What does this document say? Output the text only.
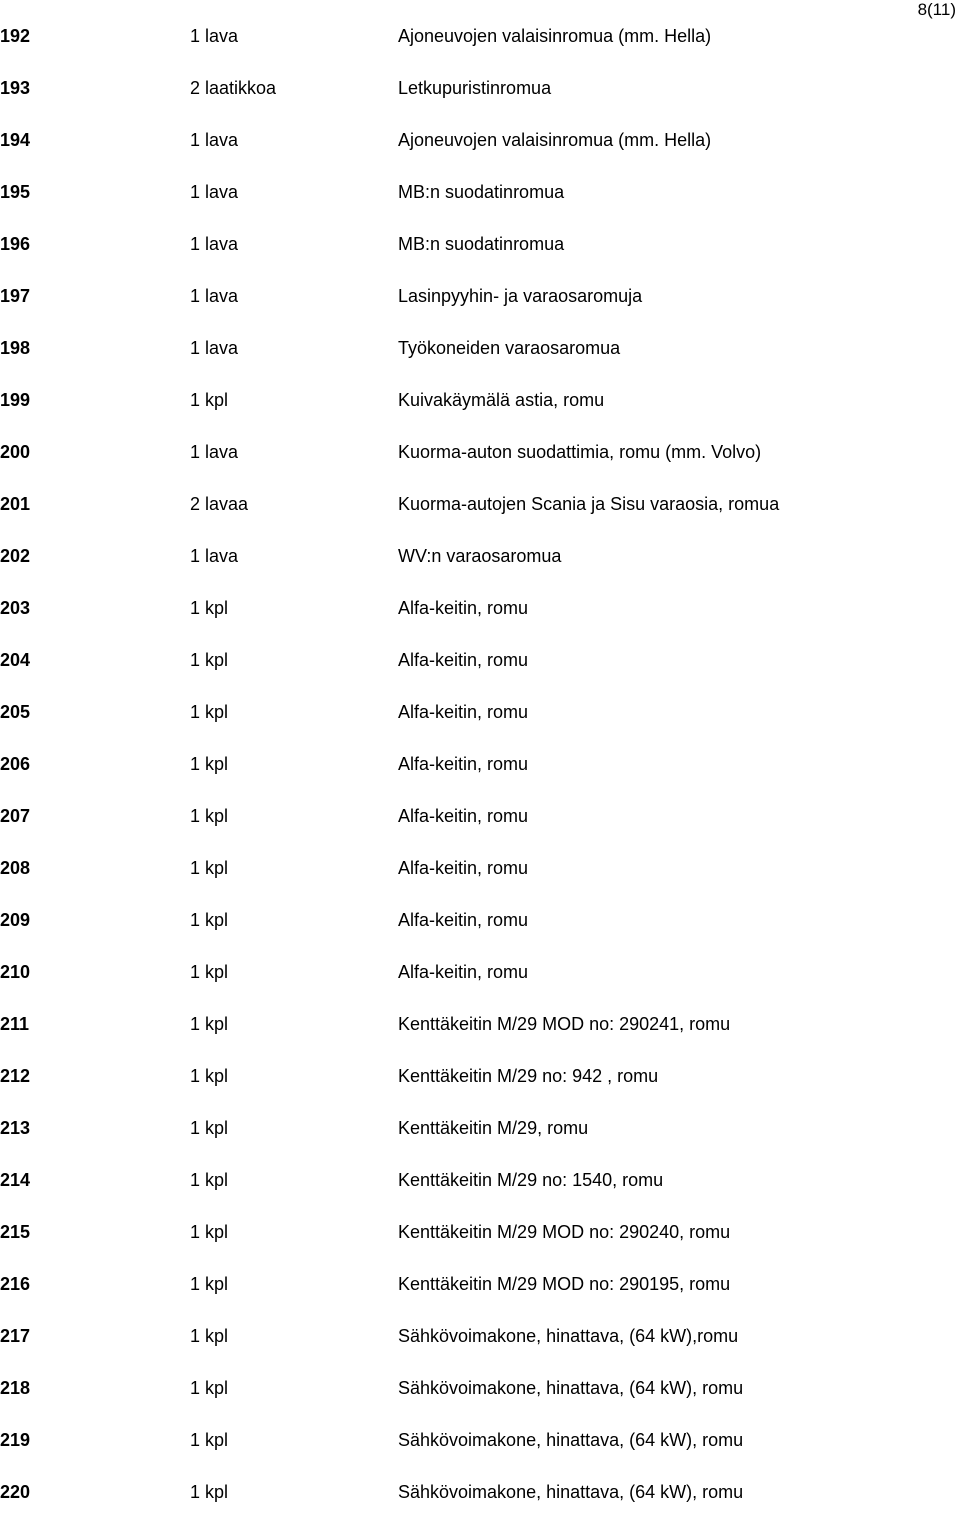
8(11)
192	1 lava	Ajoneuvojen valaisinromua (mm. Hella)
193	2 laatikkoa	Letkupuristinromua
194	1 lava	Ajoneuvojen valaisinromua (mm. Hella)
195	1 lava	MB:n suodatinromua
196	1 lava	MB:n suodatinromua
197	1 lava	Lasinpyyhin- ja varaosaromuja
198	1 lava	Työkoneiden varaosaromua
199	1 kpl	Kuivakäymälä astia, romu
200	1 lava	Kuorma-auton suodattimia, romu (mm. Volvo)
201	2 lavaa	Kuorma-autojen Scania ja Sisu varaosia, romua
202	1 lava	WV:n varaosaromua
203	1 kpl	Alfa-keitin, romu
204	1 kpl	Alfa-keitin, romu
205	1 kpl	Alfa-keitin, romu
206	1 kpl	Alfa-keitin, romu
207	1 kpl	Alfa-keitin, romu
208	1 kpl	Alfa-keitin, romu
209	1 kpl	Alfa-keitin, romu
210	1 kpl	Alfa-keitin, romu
211	1 kpl	Kenttäkeitin M/29 MOD no: 290241, romu
212	1 kpl	Kenttäkeitin M/29 no: 942 , romu
213	1 kpl	Kenttäkeitin M/29, romu
214	1 kpl	Kenttäkeitin M/29 no: 1540, romu
215	1 kpl	Kenttäkeitin M/29 MOD no: 290240, romu
216	1 kpl	Kenttäkeitin M/29 MOD no: 290195, romu
217	1 kpl	Sähkövoimakone, hinattava, (64 kW),romu
218	1 kpl	Sähkövoimakone, hinattava, (64 kW), romu
219	1 kpl	Sähkövoimakone, hinattava, (64 kW), romu
220	1 kpl	Sähkövoimakone, hinattava, (64 kW), romu
